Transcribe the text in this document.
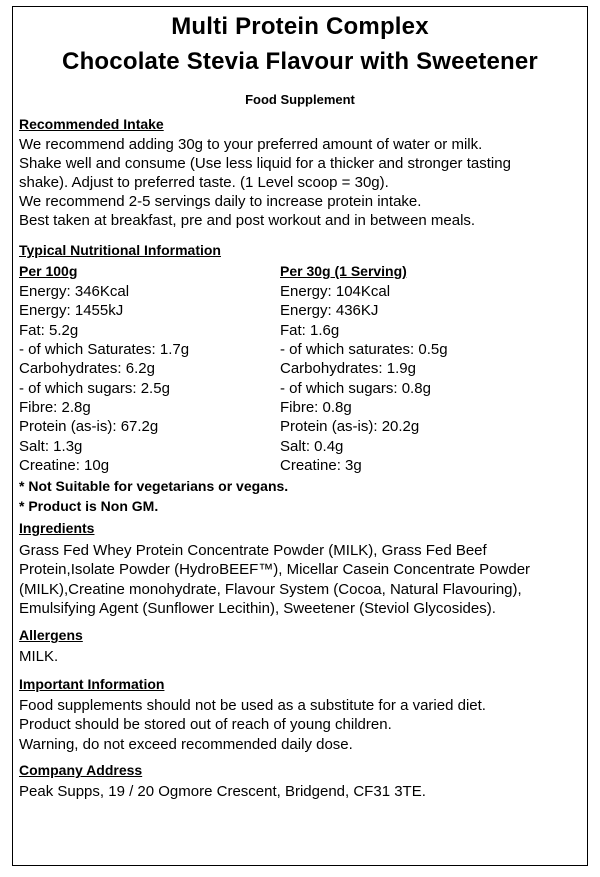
Multi Protein Complex
Chocolate Stevia Flavour with Sweetener
Food Supplement
Recommended Intake
We recommend adding 30g to your preferred amount of water or milk.
Shake well and consume (Use less liquid for a thicker and stronger tasting
shake). Adjust to preferred taste. (1 Level scoop = 30g).
We recommend 2-5 servings daily to increase protein intake.
Best taken at breakfast, pre and post workout and in between meals.
Typical Nutritional Information
Per 100g	Per 30g (1 Serving)
Energy: 346Kcal
Energy: 1455kJ
Fat: 5.2g
- of which Saturates: 1.7g
Carbohydrates: 6.2g
- of which sugars: 2.5g
Fibre: 2.8g
Protein (as-is): 67.2g
Salt: 1.3g
Creatine: 10g
Energy: 104Kcal
Energy: 436KJ
Fat: 1.6g
- of which saturates: 0.5g
Carbohydrates: 1.9g
- of which sugars: 0.8g
Fibre: 0.8g
Protein (as-is): 20.2g
Salt: 0.4g
Creatine: 3g
* Not Suitable for vegetarians or vegans.
* Product is Non GM.
Ingredients
Grass Fed Whey Protein Concentrate Powder (MILK), Grass Fed Beef
Protein,Isolate Powder (HydroBEEF™), Micellar Casein Concentrate Powder
(MILK),Creatine monohydrate, Flavour System (Cocoa, Natural Flavouring),
Emulsifying Agent (Sunflower Lecithin), Sweetener (Steviol Glycosides).
Allergens
MILK.
Important Information
Food supplements should not be used as a substitute for a varied diet.
Product should be stored out of reach of young children.
Warning, do not exceed recommended daily dose.
Company Address
Peak Supps, 19 / 20 Ogmore Crescent, Bridgend, CF31 3TE.
